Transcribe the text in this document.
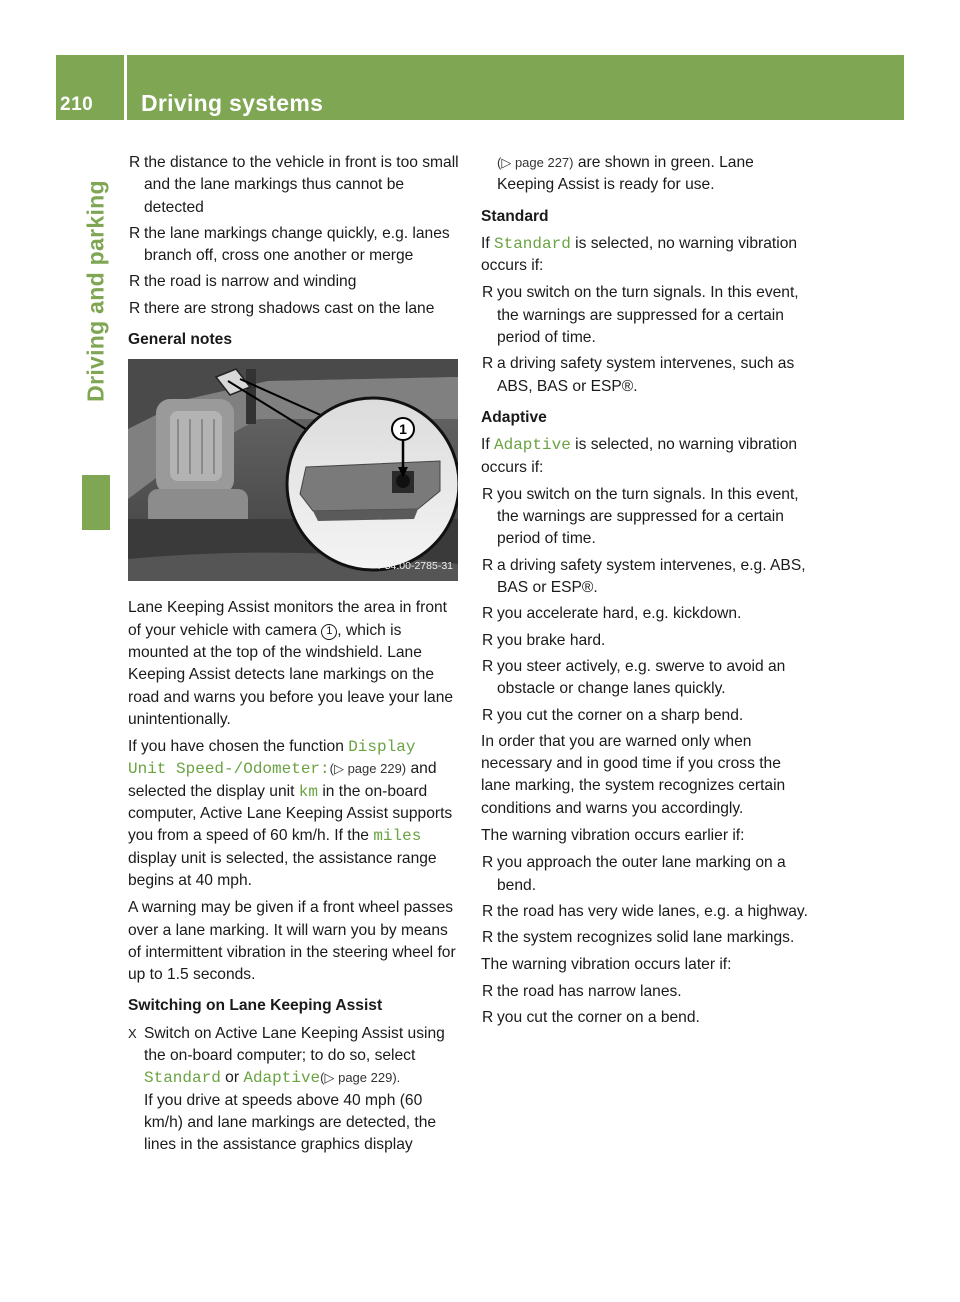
210	Driving systems
Driving and parking
R the distance to the vehicle in front is too small and the lane markings thus cannot be detected
R the lane markings change quickly, e.g. lanes branch off, cross one another or merge
R the road is narrow and winding
R there are strong shadows cast on the lane
General notes
1
P54.00-2785-31
Lane Keeping Assist monitors the area in front of your vehicle with camera 1 , which is mounted at the top of the windshield. Lane Keeping Assist detects lane markings on the road and warns you before you leave your lane unintentionally.
If you have chosen the function Display Unit Speed-/Odometer:(▷ page 229) and selected the display unit km in the on-board computer, Active Lane Keeping Assist supports you from a speed of 60 km/h. If the miles display unit is selected, the assistance range begins at 40 mph.
A warning may be given if a front wheel passes over a lane marking. It will warn you by means of intermittent vibration in the steering wheel for up to 1.5 seconds.
Switching on Lane Keeping Assist
X Switch on Active Lane Keeping Assist using the on-board computer; to do so, select Standard or Adaptive(▷ page 229).
If you drive at speeds above 40 mph (60 km/h) and lane markings are detected, the lines in the assistance graphics display
(▷ page 227) are shown in green. Lane Keeping Assist is ready for use.
Standard
If Standard is selected, no warning vibration occurs if:
R you switch on the turn signals. In this event, the warnings are suppressed for a certain period of time.
R a driving safety system intervenes, such as ABS, BAS or ESP®.
Adaptive
If Adaptive is selected, no warning vibration occurs if:
R you switch on the turn signals. In this event, the warnings are suppressed for a certain period of time.
R a driving safety system intervenes, e.g. ABS, BAS or ESP®.
R you accelerate hard, e.g. kickdown.
R you brake hard.
R you steer actively, e.g. swerve to avoid an obstacle or change lanes quickly.
R you cut the corner on a sharp bend.
In order that you are warned only when necessary and in good time if you cross the lane marking, the system recognizes certain conditions and warns you accordingly.
The warning vibration occurs earlier if:
R you approach the outer lane marking on a bend.
R the road has very wide lanes, e.g. a highway.
R the system recognizes solid lane markings.
The warning vibration occurs later if:
R the road has narrow lanes.
R you cut the corner on a bend.
